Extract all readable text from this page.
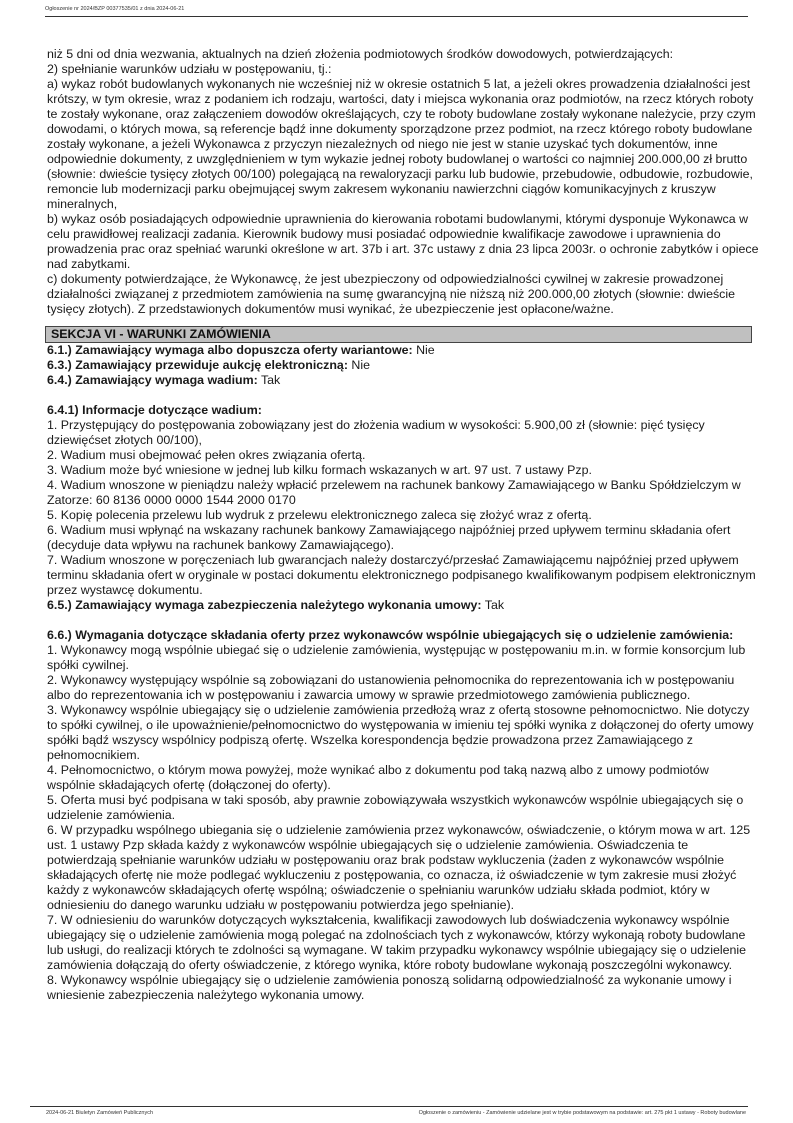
Ogłoszenie nr 2024/BZP 00377535/01 z dnia 2024-06-21

niż 5 dni od dnia wezwania, aktualnych na dzień złożenia podmiotowych środków dowodowych, potwierdzających:

2) spełnianie warunków udziału w postępowaniu, tj.:

a) wykaz robót budowlanych wykonanych nie wcześniej niż w okresie ostatnich 5 lat, a jeżeli okres prowadzenia działalności jest krótszy, w tym okresie, wraz z podaniem ich rodzaju, wartości, daty i miejsca wykonania oraz podmiotów, na rzecz których roboty te zostały wykonane, oraz załączeniem dowodów określających, czy te roboty budowlane zostały wykonane należycie, przy czym dowodami, o których mowa, są referencje bądź inne dokumenty sporządzone przez podmiot, na rzecz którego roboty budowlane zostały wykonane, a jeżeli Wykonawca z przyczyn niezależnych od niego nie jest w stanie uzyskać tych dokumentów, inne odpowiednie dokumenty, z uwzględnieniem w tym wykazie jednej roboty budowlanej o wartości co najmniej 200.000,00 zł brutto (słownie: dwieście tysięcy złotych 00/100) polegającą na rewaloryzacji parku lub budowie, przebudowie, odbudowie, rozbudowie, remoncie lub modernizacji parku obejmującej swym zakresem wykonaniu nawierzchni ciągów komunikacyjnych z kruszyw mineralnych,

b) wykaz osób posiadających odpowiednie uprawnienia do kierowania robotami budowlanymi, którymi dysponuje Wykonawca w celu prawidłowej realizacji zadania. Kierownik budowy musi posiadać odpowiednie kwalifikacje zawodowe i uprawnienia do prowadzenia prac oraz spełniać warunki określone w art. 37b i art. 37c ustawy z dnia 23 lipca 2003r. o ochronie zabytków i opiece nad zabytkami.

c) dokumenty potwierdzające, że Wykonawcę, że jest ubezpieczony od odpowiedzialności cywilnej w zakresie prowadzonej działalności związanej z przedmiotem zamówienia na sumę gwarancyjną nie niższą niż 200.000,00 złotych (słownie: dwieście tysięcy złotych). Z przedstawionych dokumentów musi wynikać, że ubezpieczenie jest opłacone/ważne.

SEKCJA VI - WARUNKI ZAMÓWIENIA

6.1.) Zamawiający wymaga albo dopuszcza oferty wariantowe: Nie

6.3.) Zamawiający przewiduje aukcję elektroniczną: Nie

6.4.) Zamawiający wymaga wadium: Tak

6.4.1) Informacje dotyczące wadium:

1. Przystępujący do postępowania zobowiązany jest do złożenia wadium w wysokości: 5.900,00 zł (słownie: pięć tysięcy dziewięćset złotych 00/100),

2. Wadium musi obejmować pełen okres związania ofertą.

3. Wadium może być wniesione w jednej lub kilku formach wskazanych w art. 97 ust. 7 ustawy Pzp.

4. Wadium wnoszone w pieniądzu należy wpłacić przelewem na rachunek bankowy Zamawiającego w Banku Spółdzielczym w Zatorze: 60 8136 0000 0000 1544 2000 0170

5. Kopię polecenia przelewu lub wydruk z przelewu elektronicznego zaleca się złożyć wraz z ofertą.

6. Wadium musi wpłynąć na wskazany rachunek bankowy Zamawiającego najpóźniej przed upływem terminu składania ofert (decyduje data wpływu na rachunek bankowy Zamawiającego).

7. Wadium wnoszone w poręczeniach lub gwarancjach należy dostarczyć/przesłać Zamawiającemu najpóźniej przed upływem terminu składania ofert w oryginale w postaci dokumentu elektronicznego podpisanego kwalifikowanym podpisem elektronicznym przez wystawcę dokumentu.

6.5.) Zamawiający wymaga zabezpieczenia należytego wykonania umowy: Tak

6.6.) Wymagania dotyczące składania oferty przez wykonawców wspólnie ubiegających się o udzielenie zamówienia:

1. Wykonawcy mogą wspólnie ubiegać się o udzielenie zamówienia, występując w postępowaniu m.in. w formie konsorcjum lub spółki cywilnej.

2. Wykonawcy występujący wspólnie są zobowiązani do ustanowienia pełnomocnika do reprezentowania ich w postępowaniu albo do reprezentowania ich w postępowaniu i zawarcia umowy w sprawie przedmiotowego zamówienia publicznego.

3. Wykonawcy wspólnie ubiegający się o udzielenie zamówienia przedłożą wraz z ofertą stosowne pełnomocnictwo. Nie dotyczy to spółki cywilnej, o ile upoważnienie/pełnomocnictwo do występowania w imieniu tej spółki wynika z dołączonej do oferty umowy spółki bądź wszyscy wspólnicy podpiszą ofertę. Wszelka korespondencja będzie prowadzona przez Zamawiającego z pełnomocnikiem.

4. Pełnomocnictwo, o którym mowa powyżej, może wynikać albo z dokumentu pod taką nazwą albo z umowy podmiotów wspólnie składających ofertę (dołączonej do oferty).

5. Oferta musi być podpisana w taki sposób, aby prawnie zobowiązywała wszystkich wykonawców wspólnie ubiegających się o udzielenie zamówienia.

6. W przypadku wspólnego ubiegania się o udzielenie zamówienia przez wykonawców, oświadczenie, o którym mowa w art. 125 ust. 1 ustawy Pzp składa każdy z wykonawców wspólnie ubiegających się o udzielenie zamówienia. Oświadczenia te potwierdzają spełnianie warunków udziału w postępowaniu oraz brak podstaw wykluczenia (żaden z wykonawców wspólnie składających ofertę nie może podlegać wykluczeniu z postępowania, co oznacza, iż oświadczenie w tym zakresie musi złożyć każdy z wykonawców składających ofertę wspólną; oświadczenie o spełnianiu warunków udziału składa podmiot, który w odniesieniu do danego warunku udziału w postępowaniu potwierdza jego spełnianie).

7. W odniesieniu do warunków dotyczących wykształcenia, kwalifikacji zawodowych lub doświadczenia wykonawcy wspólnie ubiegający się o udzielenie zamówienia mogą polegać na zdolnościach tych z wykonawców, którzy wykonają roboty budowlane lub usługi, do realizacji których te zdolności są wymagane. W takim przypadku wykonawcy wspólnie ubiegający się o udzielenie zamówienia dołączają do oferty oświadczenie, z którego wynika, które roboty budowlane wykonają poszczególni wykonawcy.

8. Wykonawcy wspólnie ubiegający się o udzielenie zamówienia ponoszą solidarną odpowiedzialność za wykonanie umowy i wniesienie zabezpieczenia należytego wykonania umowy.

2024-06-21 Biuletyn Zamówień Publicznych	Ogłoszenie o zamówieniu - Zamówienie udzielane jest w trybie podstawowym na podstawie: art. 275 pkt 1 ustawy - Roboty budowlane
